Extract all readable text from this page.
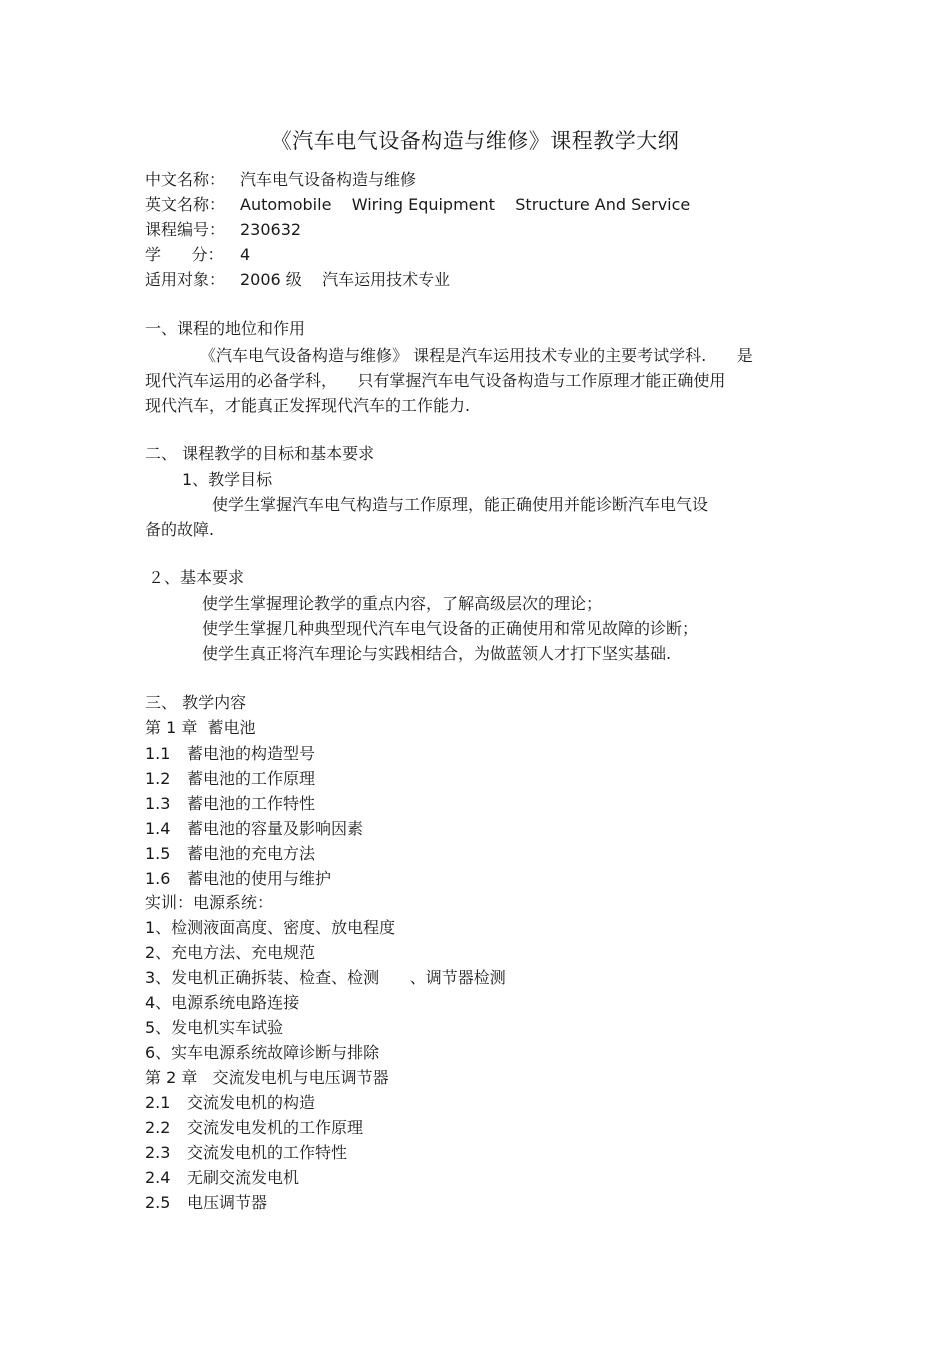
《汽车电气设备构造与维修》课程教学大纲
中文名称： 汽车电气设备构造与维修
英文名称： Automobile    Wiring Equipment    Structure And Service
课程编号： 230632
学      分： 4
适用对象： 2006 级    汽车运用技术专业
一、课程的地位和作用
《汽车电气设备构造与维修》 课程是汽车运用技术专业的主要考试学科.      是
现代汽车运用的必备学科，    只有掌握汽车电气设备构造与工作原理才能正确使用
现代汽车，才能真正发挥现代汽车的工作能力.
二、 课程教学的目标和基本要求
1、教学目标
使学生掌握汽车电气构造与工作原理，能正确使用并能诊断汽车电气设
备的故障.
２、基本要求
使学生掌握理论教学的重点内容，了解高级层次的理论；
使学生掌握几种典型现代汽车电气设备的正确使用和常见故障的诊断；
使学生真正将汽车理论与实践相结合，为做蓝领人才打下坚实基础.
三、 教学内容
第 1 章  蓄电池
1.1 蓄电池的构造型号
1.2 蓄电池的工作原理
1.3 蓄电池的工作特性
1.4 蓄电池的容量及影响因素
1.5 蓄电池的充电方法
1.6 蓄电池的使用与维护
实训：电源系统：
1、检测液面高度、密度、放电程度
2、充电方法、充电规范
3、发电机正确拆装、检查、检测      、调节器检测
4、电源系统电路连接
5、发电机实车试验
6、实车电源系统故障诊断与排除
第 2 章   交流发电机与电压调节器
2.1 交流发电机的构造
2.2 交流发电发机的工作原理
2.3 交流发电机的工作特性
2.4 无刷交流发电机
2.5 电压调节器
